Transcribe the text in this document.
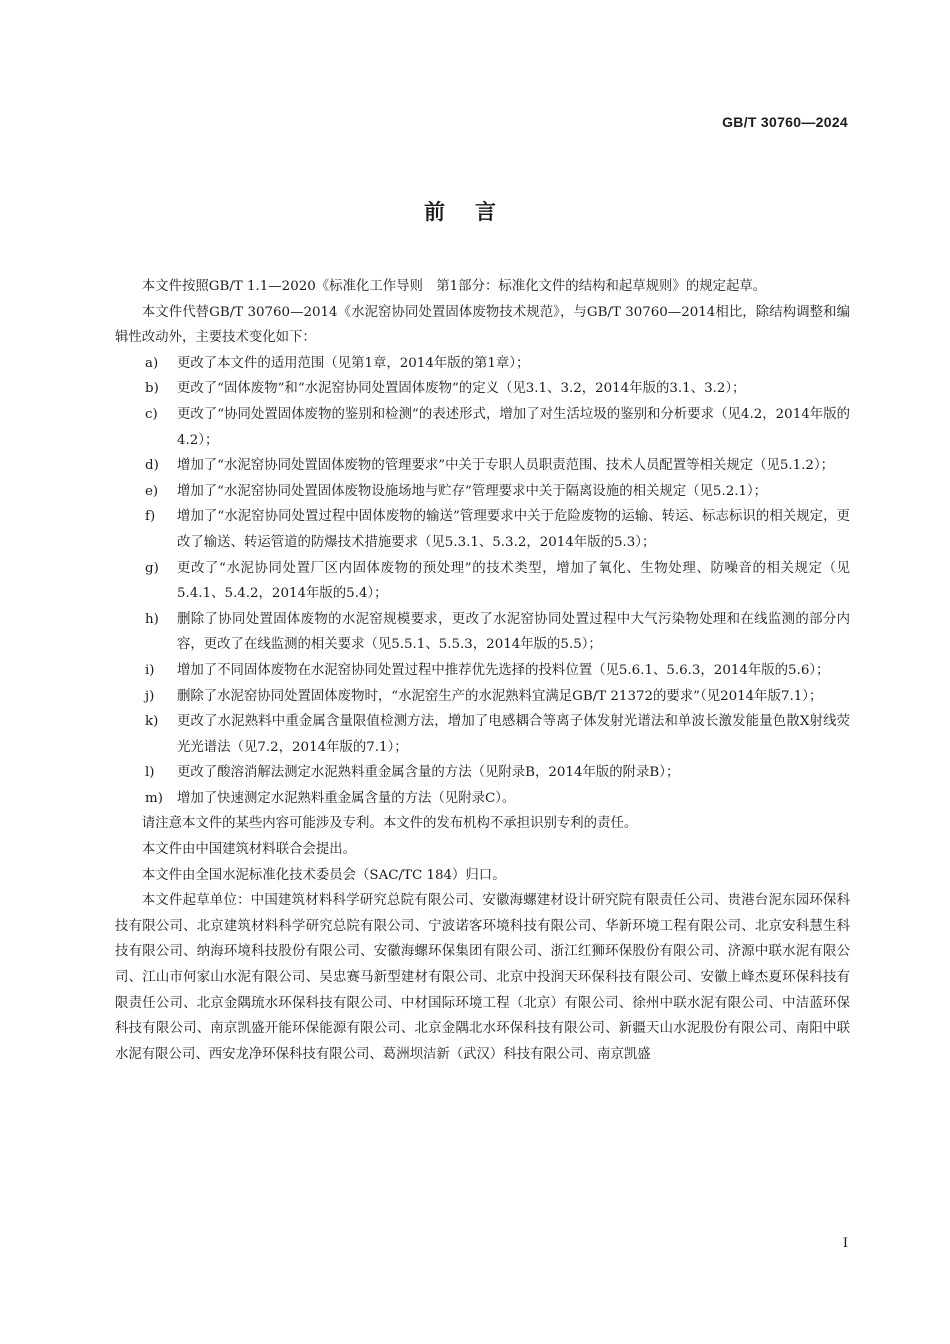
GB/T 30760—2024
前言

本文件按照GB/T 1.1—2020《标准化工作导则　第1部分：标准化文件的结构和起草规则》的规定起草。

本文件代替GB/T 30760—2014《水泥窑协同处置固体废物技术规范》，与GB/T 30760—2014相比，除结构调整和编辑性改动外，主要技术变化如下：

a)	更改了本文件的适用范围（见第1章，2014年版的第1章）；
b)	更改了“固体废物”和“水泥窑协同处置固体废物”的定义（见3.1、3.2，2014年版的3.1、3.2）；
c)	更改了“协同处置固体废物的鉴别和检测”的表述形式，增加了对生活垃圾的鉴别和分析要求（见4.2，2014年版的4.2）；
d)	增加了“水泥窑协同处置固体废物的管理要求”中关于专职人员职责范围、技术人员配置等相关规定（见5.1.2）；
e)	增加了“水泥窑协同处置固体废物设施场地与贮存”管理要求中关于隔离设施的相关规定（见5.2.1）；
f)	增加了“水泥窑协同处置过程中固体废物的输送”管理要求中关于危险废物的运输、转运、标志标识的相关规定，更改了输送、转运管道的防爆技术措施要求（见5.3.1、5.3.2，2014年版的5.3）；
g)	更改了“水泥协同处置厂区内固体废物的预处理”的技术类型，增加了氧化、生物处理、防噪音的相关规定（见5.4.1、5.4.2，2014年版的5.4）；
h)	删除了协同处置固体废物的水泥窑规模要求，更改了水泥窑协同处置过程中大气污染物处理和在线监测的部分内容，更改了在线监测的相关要求（见5.5.1、5.5.3，2014年版的5.5）；
i)	增加了不同固体废物在水泥窑协同处置过程中推荐优先选择的投料位置（见5.6.1、5.6.3，2014年版的5.6）；
j)	删除了水泥窑协同处置固体废物时，“水泥窑生产的水泥熟料宜满足GB/T 21372的要求”（见2014年版7.1）；
k)	更改了水泥熟料中重金属含量限值检测方法，增加了电感耦合等离子体发射光谱法和单波长激发能量色散X射线荧光光谱法（见7.2，2014年版的7.1）；
l)	更改了酸溶消解法测定水泥熟料重金属含量的方法（见附录B，2014年版的附录B）；
m)	增加了快速测定水泥熟料重金属含量的方法（见附录C）。

请注意本文件的某些内容可能涉及专利。本文件的发布机构不承担识别专利的责任。

本文件由中国建筑材料联合会提出。

本文件由全国水泥标准化技术委员会（SAC/TC 184）归口。

本文件起草单位：中国建筑材料科学研究总院有限公司、安徽海螺建材设计研究院有限责任公司、贵港台泥东园环保科技有限公司、北京建筑材料科学研究总院有限公司、宁波诺客环境科技有限公司、华新环境工程有限公司、北京安科慧生科技有限公司、纳海环境科技股份有限公司、安徽海螺环保集团有限公司、浙江红狮环保股份有限公司、济源中联水泥有限公司、江山市何家山水泥有限公司、吴忠赛马新型建材有限公司、北京中投润天环保科技有限公司、安徽上峰杰夏环保科技有限责任公司、北京金隅琉水环保科技有限公司、中材国际环境工程（北京）有限公司、徐州中联水泥有限公司、中洁蓝环保科技有限公司、南京凯盛开能环保能源有限公司、北京金隅北水环保科技有限公司、新疆天山水泥股份有限公司、南阳中联水泥有限公司、西安龙净环保科技有限公司、葛洲坝洁新（武汉）科技有限公司、南京凯盛

I
